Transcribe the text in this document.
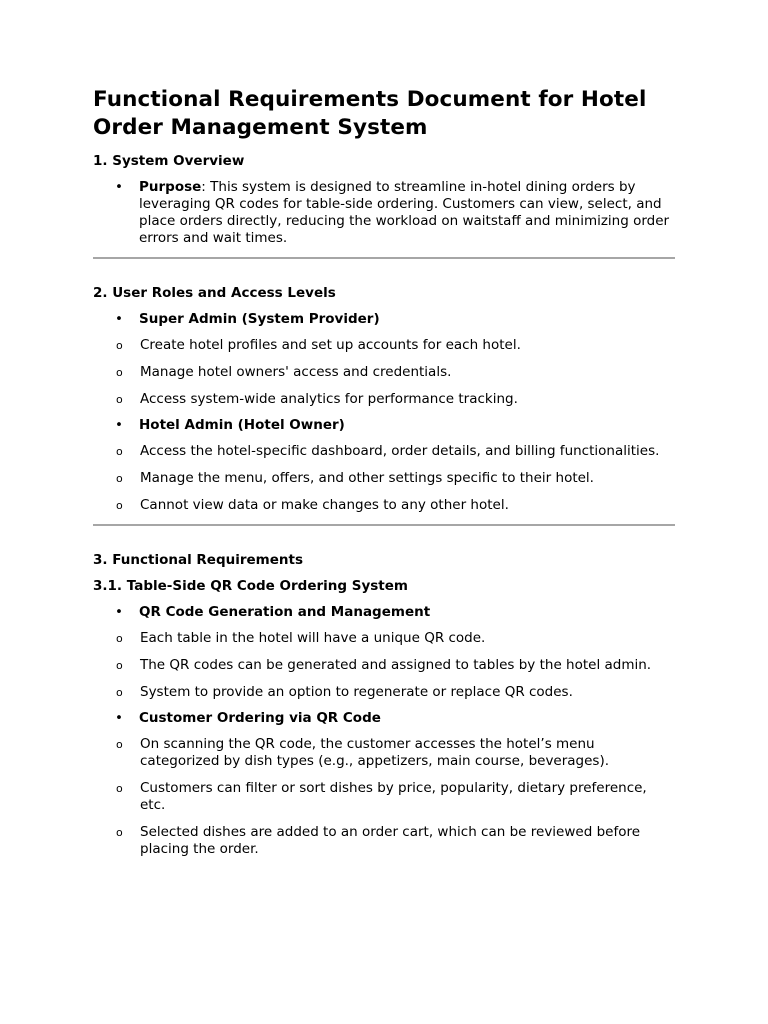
Functional Requirements Document for Hotel Order Management System
1. System Overview
• Purpose: This system is designed to streamline in-hotel dining orders by leveraging QR codes for table-side ordering. Customers can view, select, and place orders directly, reducing the workload on waitstaff and minimizing order errors and wait times.
2. User Roles and Access Levels
• Super Admin (System Provider)
o Create hotel profiles and set up accounts for each hotel.
o Manage hotel owners' access and credentials.
o Access system-wide analytics for performance tracking.
• Hotel Admin (Hotel Owner)
o Access the hotel-specific dashboard, order details, and billing functionalities.
o Manage the menu, offers, and other settings specific to their hotel.
o Cannot view data or make changes to any other hotel.
3. Functional Requirements
3.1. Table-Side QR Code Ordering System
• QR Code Generation and Management
o Each table in the hotel will have a unique QR code.
o The QR codes can be generated and assigned to tables by the hotel admin.
o System to provide an option to regenerate or replace QR codes.
• Customer Ordering via QR Code
o On scanning the QR code, the customer accesses the hotel’s menu categorized by dish types (e.g., appetizers, main course, beverages).
o Customers can filter or sort dishes by price, popularity, dietary preference, etc.
o Selected dishes are added to an order cart, which can be reviewed before placing the order.
